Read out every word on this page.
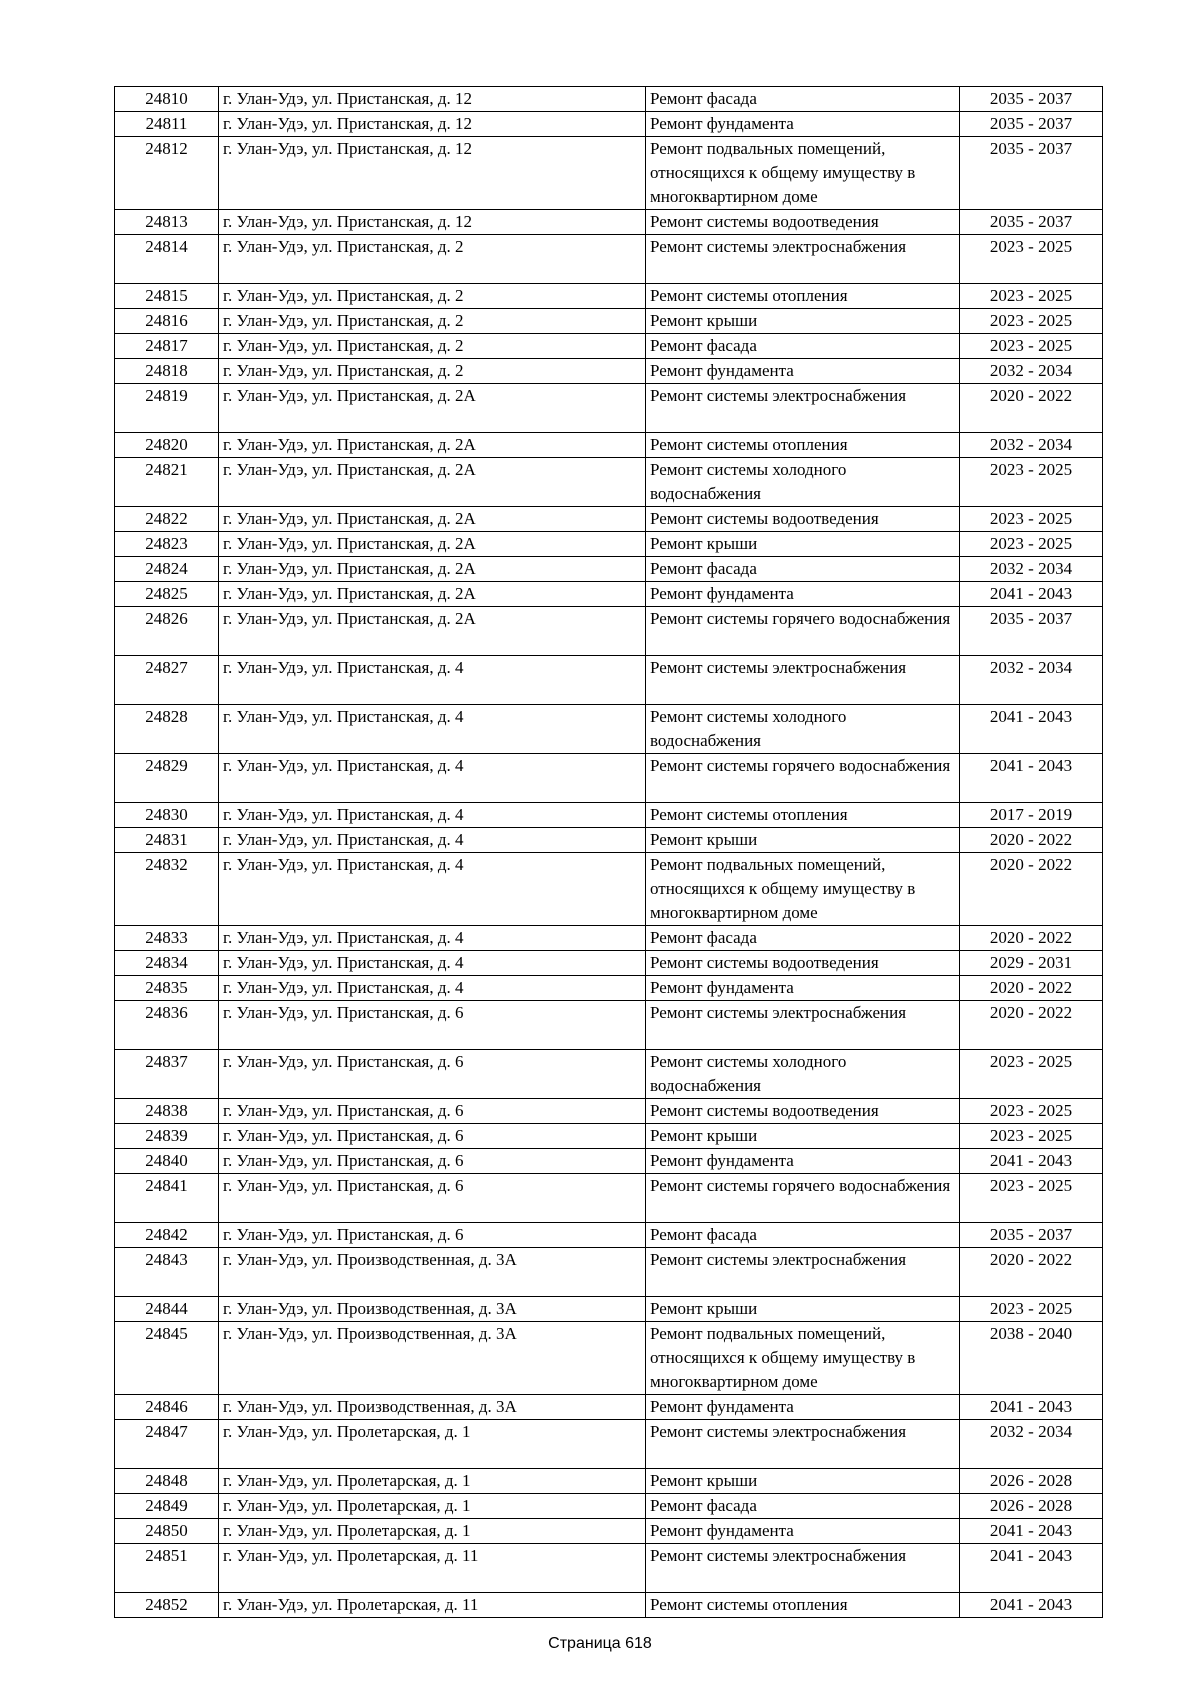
24810	г. Улан-Удэ, ул. Пристанская, д. 12	Ремонт фасада	2035 - 2037
24811	г. Улан-Удэ, ул. Пристанская, д. 12	Ремонт фундамента	2035 - 2037
24812	г. Улан-Удэ, ул. Пристанская, д. 12	Ремонт подвальных помещений, относящихся к общему имуществу в многоквартирном доме	2035 - 2037
24813	г. Улан-Удэ, ул. Пристанская, д. 12	Ремонт системы водоотведения	2035 - 2037
24814	г. Улан-Удэ, ул. Пристанская, д. 2	Ремонт системы электроснабжения	2023 - 2025
24815	г. Улан-Удэ, ул. Пристанская, д. 2	Ремонт системы отопления	2023 - 2025
24816	г. Улан-Удэ, ул. Пристанская, д. 2	Ремонт крыши	2023 - 2025
24817	г. Улан-Удэ, ул. Пристанская, д. 2	Ремонт фасада	2023 - 2025
24818	г. Улан-Удэ, ул. Пристанская, д. 2	Ремонт фундамента	2032 - 2034
24819	г. Улан-Удэ, ул. Пристанская, д. 2А	Ремонт системы электроснабжения	2020 - 2022
24820	г. Улан-Удэ, ул. Пристанская, д. 2А	Ремонт системы отопления	2032 - 2034
24821	г. Улан-Удэ, ул. Пристанская, д. 2А	Ремонт системы холодного водоснабжения	2023 - 2025
24822	г. Улан-Удэ, ул. Пристанская, д. 2А	Ремонт системы водоотведения	2023 - 2025
24823	г. Улан-Удэ, ул. Пристанская, д. 2А	Ремонт крыши	2023 - 2025
24824	г. Улан-Удэ, ул. Пристанская, д. 2А	Ремонт фасада	2032 - 2034
24825	г. Улан-Удэ, ул. Пристанская, д. 2А	Ремонт фундамента	2041 - 2043
24826	г. Улан-Удэ, ул. Пристанская, д. 2А	Ремонт системы горячего водоснабжения	2035 - 2037
24827	г. Улан-Удэ, ул. Пристанская, д. 4	Ремонт системы электроснабжения	2032 - 2034
24828	г. Улан-Удэ, ул. Пристанская, д. 4	Ремонт системы холодного водоснабжения	2041 - 2043
24829	г. Улан-Удэ, ул. Пристанская, д. 4	Ремонт системы горячего водоснабжения	2041 - 2043
24830	г. Улан-Удэ, ул. Пристанская, д. 4	Ремонт системы отопления	2017 - 2019
24831	г. Улан-Удэ, ул. Пристанская, д. 4	Ремонт крыши	2020 - 2022
24832	г. Улан-Удэ, ул. Пристанская, д. 4	Ремонт подвальных помещений, относящихся к общему имуществу в многоквартирном доме	2020 - 2022
24833	г. Улан-Удэ, ул. Пристанская, д. 4	Ремонт фасада	2020 - 2022
24834	г. Улан-Удэ, ул. Пристанская, д. 4	Ремонт системы водоотведения	2029 - 2031
24835	г. Улан-Удэ, ул. Пристанская, д. 4	Ремонт фундамента	2020 - 2022
24836	г. Улан-Удэ, ул. Пристанская, д. 6	Ремонт системы электроснабжения	2020 - 2022
24837	г. Улан-Удэ, ул. Пристанская, д. 6	Ремонт системы холодного водоснабжения	2023 - 2025
24838	г. Улан-Удэ, ул. Пристанская, д. 6	Ремонт системы водоотведения	2023 - 2025
24839	г. Улан-Удэ, ул. Пристанская, д. 6	Ремонт крыши	2023 - 2025
24840	г. Улан-Удэ, ул. Пристанская, д. 6	Ремонт фундамента	2041 - 2043
24841	г. Улан-Удэ, ул. Пристанская, д. 6	Ремонт системы горячего водоснабжения	2023 - 2025
24842	г. Улан-Удэ, ул. Пристанская, д. 6	Ремонт фасада	2035 - 2037
24843	г. Улан-Удэ, ул. Производственная, д. 3А	Ремонт системы электроснабжения	2020 - 2022
24844	г. Улан-Удэ, ул. Производственная, д. 3А	Ремонт крыши	2023 - 2025
24845	г. Улан-Удэ, ул. Производственная, д. 3А	Ремонт подвальных помещений, относящихся к общему имуществу в многоквартирном доме	2038 - 2040
24846	г. Улан-Удэ, ул. Производственная, д. 3А	Ремонт фундамента	2041 - 2043
24847	г. Улан-Удэ, ул. Пролетарская, д. 1	Ремонт системы электроснабжения	2032 - 2034
24848	г. Улан-Удэ, ул. Пролетарская, д. 1	Ремонт крыши	2026 - 2028
24849	г. Улан-Удэ, ул. Пролетарская, д. 1	Ремонт фасада	2026 - 2028
24850	г. Улан-Удэ, ул. Пролетарская, д. 1	Ремонт фундамента	2041 - 2043
24851	г. Улан-Удэ, ул. Пролетарская, д. 11	Ремонт системы электроснабжения	2041 - 2043
24852	г. Улан-Удэ, ул. Пролетарская, д. 11	Ремонт системы отопления	2041 - 2043
Страница 618
